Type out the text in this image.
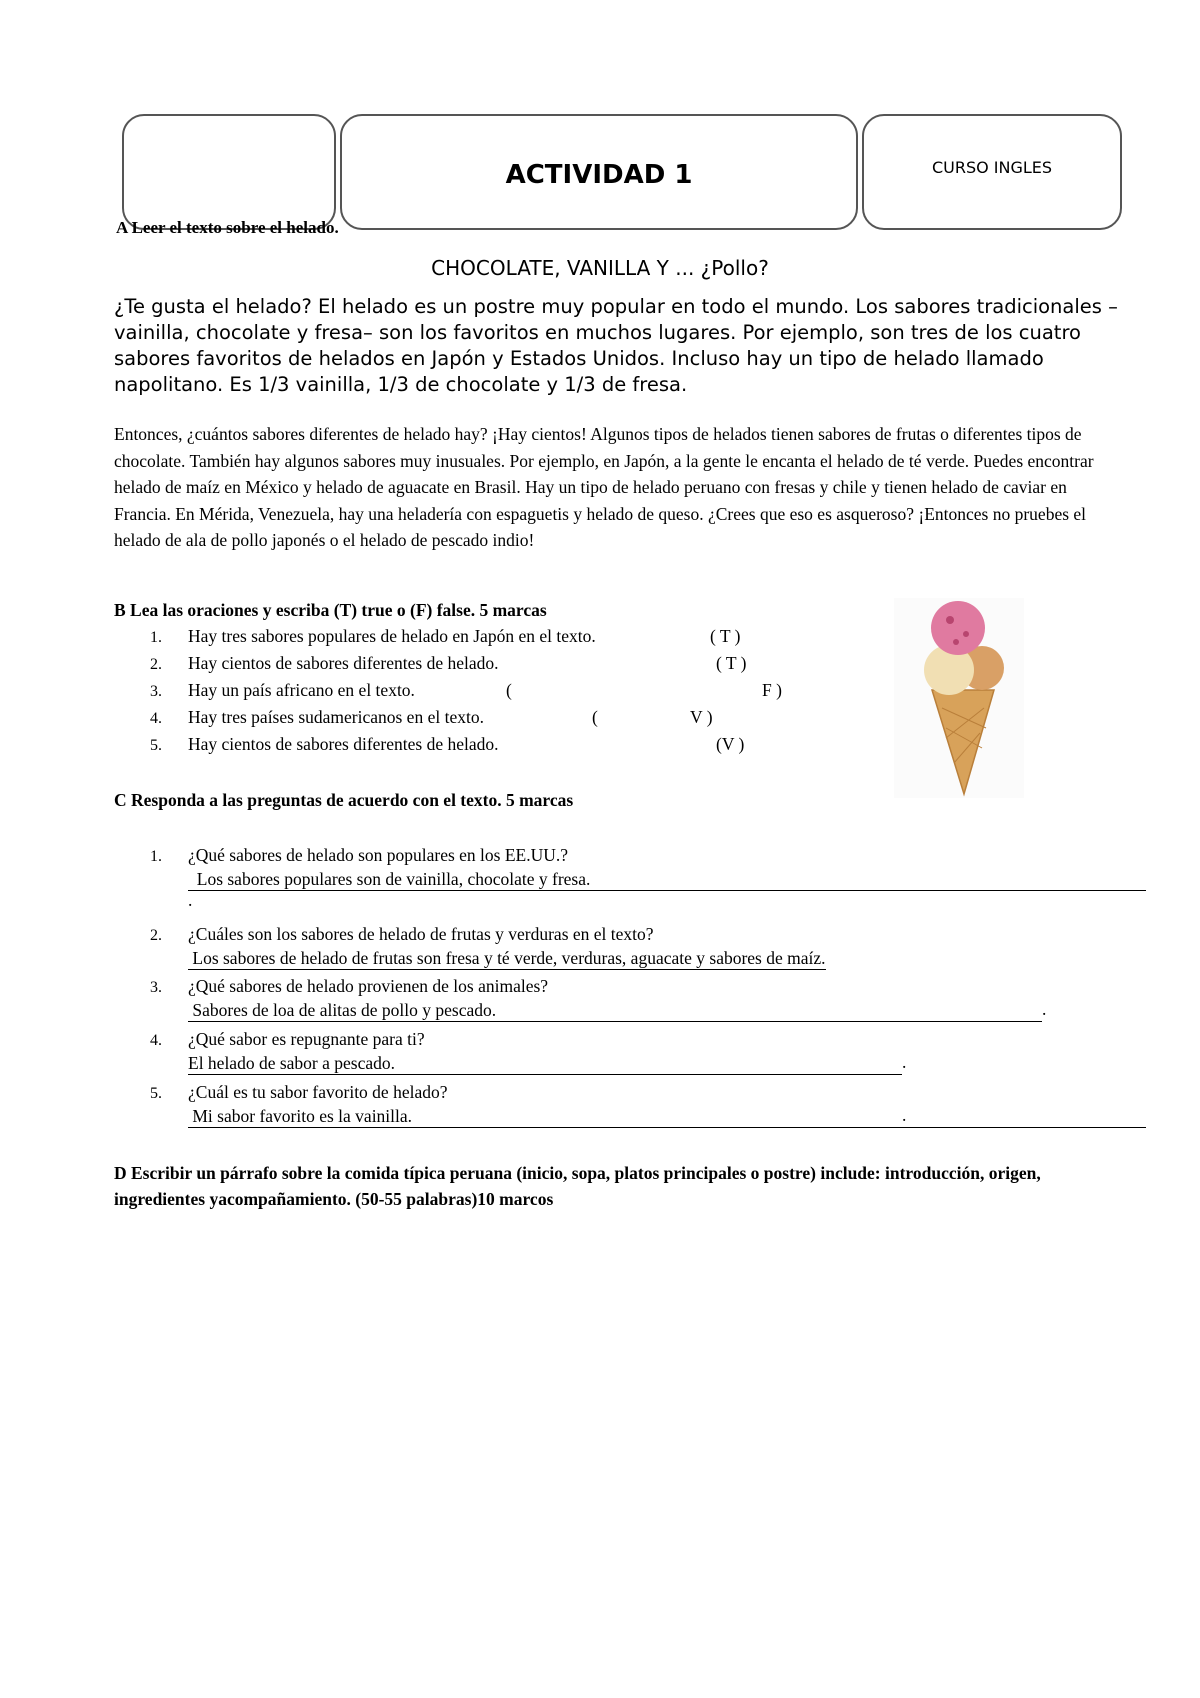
ACTIVIDAD 1	CURSO INGLES
A Leer el texto sobre el helado.
CHOCOLATE, VANILLA Y ... ¿Pollo?

¿Te gusta el helado? El helado es un postre muy popular en todo el mundo. Los sabores tradicionales –vainilla, chocolate y fresa– son los favoritos en muchos lugares. Por ejemplo, son tres de los cuatro sabores favoritos de helados en Japón y Estados Unidos. Incluso hay un tipo de helado llamado napolitano. Es 1/3 vainilla, 1/3 de chocolate y 1/3 de fresa.

Entonces, ¿cuántos sabores diferentes de helado hay? ¡Hay cientos! Algunos tipos de helados tienen sabores de frutas o diferentes tipos de chocolate. También hay algunos sabores muy inusuales. Por ejemplo, en Japón, a la gente le encanta el helado de té verde. Puedes encontrar helado de maíz en México y helado de aguacate en Brasil. Hay un tipo de helado peruano con fresas y chile y tienen helado de caviar en Francia. En Mérida, Venezuela, hay una heladería con espaguetis y helado de queso. ¿Crees que eso es asqueroso? ¡Entonces no pruebes el helado de ala de pollo japonés o el helado de pescado indio!
B Lea las oraciones y escriba (T) true o (F) false. 5 marcas
1. Hay tres sabores populares de helado en Japón en el texto.	( T )
2. Hay cientos de sabores diferentes de helado.	( T )
3. Hay un país africano en el texto.	(	F )
4. Hay tres países sudamericanos en el texto.	(	V )
5. Hay cientos de sabores diferentes de helado.	(V )
C Responda a las preguntas de acuerdo con el texto. 5 marcas
1. ¿Qué sabores de helado son populares en los EE.UU.?
Los sabores populares son de vainilla, chocolate y fresa.
.
2. ¿Cuáles son los sabores de helado de frutas y verduras en el texto?
Los sabores de helado de frutas son fresa y té verde, verduras, aguacate y sabores de maíz.
3. ¿Qué sabores de helado provienen de los animales?
Sabores de loa de alitas de pollo y pescado.	.
4. ¿Qué sabor es repugnante para ti?
El helado de sabor a pescado.	.
5. ¿Cuál es tu sabor favorito de helado?
Mi sabor favorito es la vainilla.	.
D Escribir un párrafo sobre la comida típica peruana (inicio, sopa, platos principales o postre) include: introducción, origen, ingredientes yacompañamiento. (50-55 palabras)10 marcos
